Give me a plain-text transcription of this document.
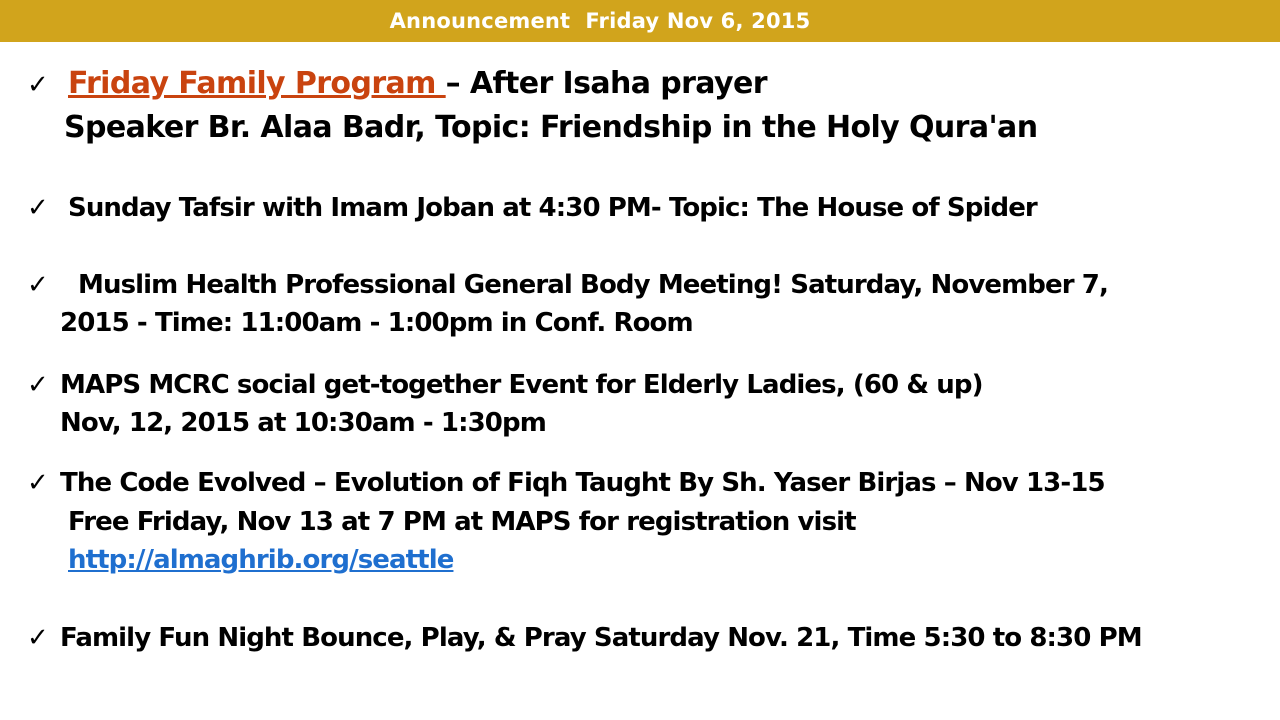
Announcement  Friday Nov 6, 2015
✓ Friday Family Program – After Isaha prayer
Speaker Br. Alaa Badr, Topic: Friendship in the Holy Qura'an
✓ Sunday Tafsir with Imam Joban at 4:30 PM- Topic: The House of Spider
✓ Muslim Health Professional General Body Meeting! Saturday, November 7,
2015 - Time: 11:00am - 1:00pm in Conf. Room
✓ MAPS MCRC social get-together Event for Elderly Ladies, (60 & up)
Nov, 12, 2015 at 10:30am - 1:30pm
✓ The Code Evolved – Evolution of Fiqh Taught By Sh. Yaser Birjas – Nov 13-15
Free Friday, Nov 13 at 7 PM at MAPS for registration visit
http://almaghrib.org/seattle
✓ Family Fun Night Bounce, Play, & Pray Saturday Nov. 21, Time 5:30 to 8:30 PM
